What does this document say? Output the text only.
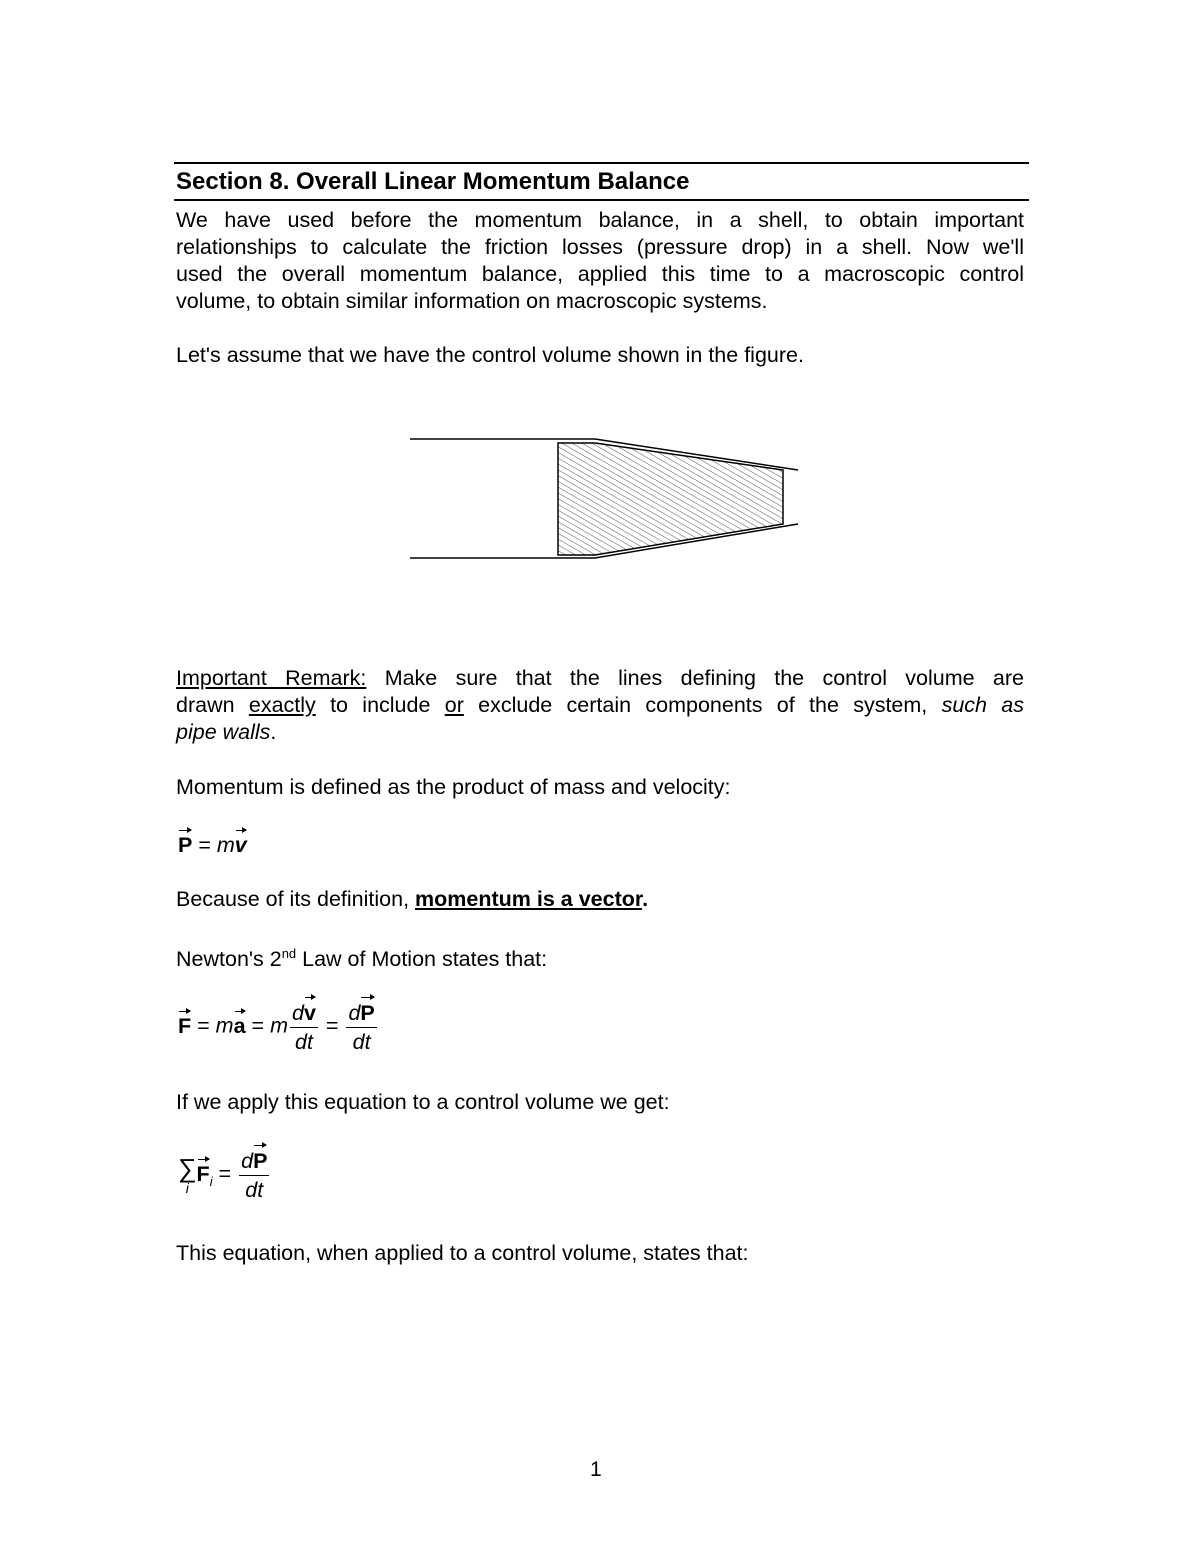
Section 8. Overall Linear Momentum Balance
We have used before the momentum balance, in a shell, to obtain important
relationships to calculate the friction losses (pressure drop) in a shell. Now we'll
used the overall momentum balance, applied this time to a macroscopic control
volume, to obtain similar information on macroscopic systems.
Let's assume that we have the control volume shown in the figure.
Important Remark: Make sure that the lines defining the control volume are
drawn exactly to include or exclude certain components of the system, such as
pipe walls.
Momentum is defined as the product of mass and velocity:
P = mv
Because of its definition, momentum is a vector.
Newton's 2nd Law of Motion states that:
F = ma = m $\frac{dv}{dt} = \frac{dP}{dt}$
If we apply this equation to a control volume we get:
∑
i
$F_i = \frac{dP}{dt}$
This equation, when applied to a control volume, states that:
1
